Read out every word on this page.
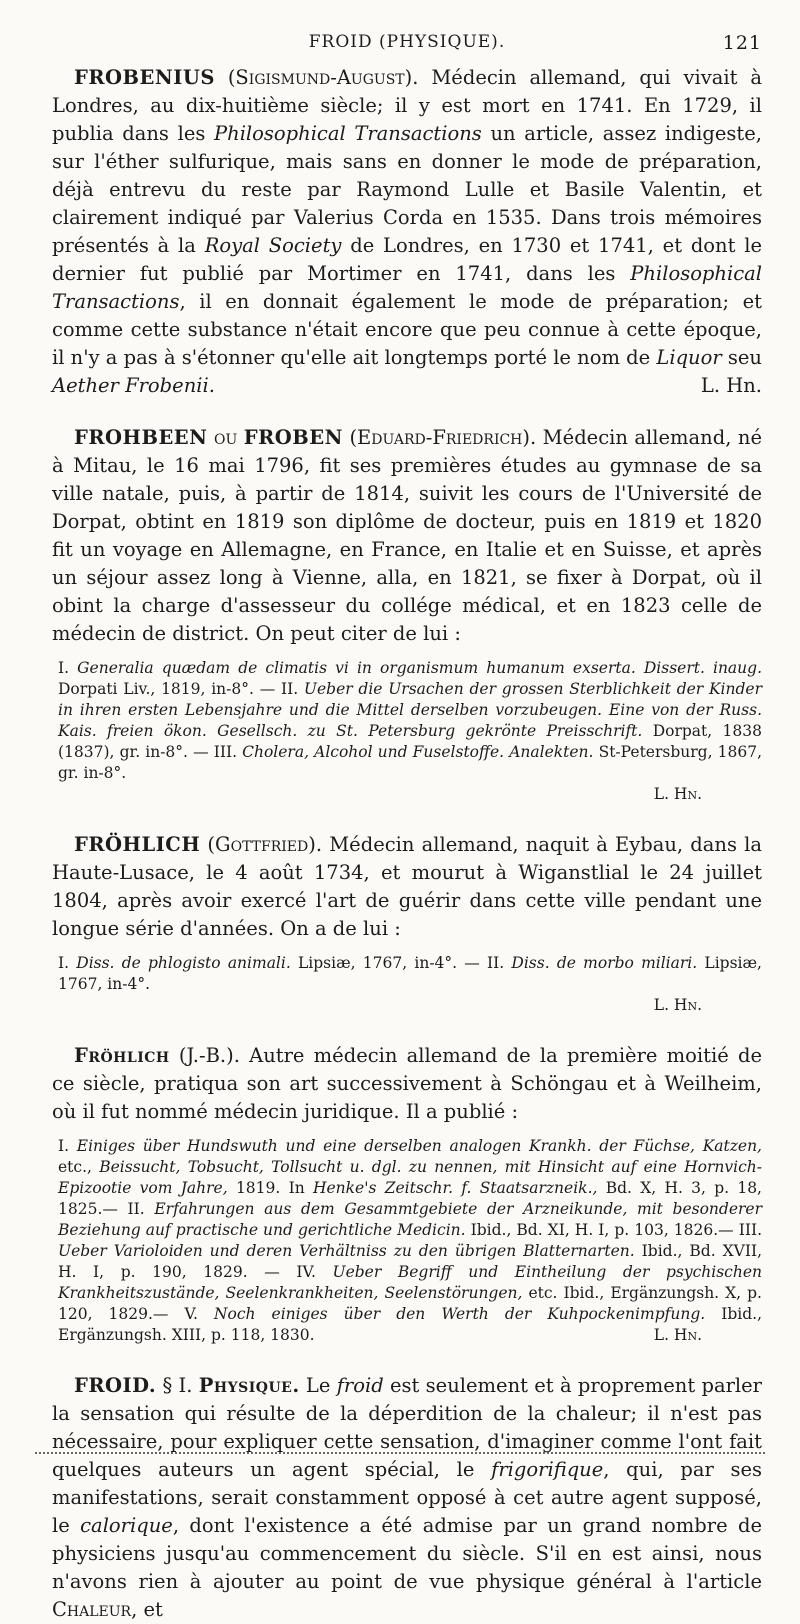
FROID (PHYSIQUE).	121

FROBENIUS (Sigismund-August). Médecin allemand, qui vivait à Londres, au dix-huitième siècle; il y est mort en 1741. En 1729, il publia dans les Philosophical Transactions un article, assez indigeste, sur l'éther sulfurique, mais sans en donner le mode de préparation, déjà entrevu du reste par Raymond Lulle et Basile Valentin, et clairement indiqué par Valerius Corda en 1535. Dans trois mémoires présentés à la Royal Society de Londres, en 1730 et 1741, et dont le dernier fut publié par Mortimer en 1741, dans les Philosophical Transactions, il en donnait également le mode de préparation; et comme cette substance n'était encore que peu connue à cette époque, il n'y a pas à s'étonner qu'elle ait longtemps porté le nom de Liquor seu Aether Frobenii.	L. Hn.

FROHBEEN ou FROBEN (Eduard-Friedrich). Médecin allemand, né à Mitau, le 16 mai 1796, fit ses premières études au gymnase de sa ville natale, puis, à partir de 1814, suivit les cours de l'Université de Dorpat, obtint en 1819 son diplôme de docteur, puis en 1819 et 1820 fit un voyage en Allemagne, en France, en Italie et en Suisse, et après un séjour assez long à Vienne, alla, en 1821, se fixer à Dorpat, où il obint la charge d'assesseur du collége médical, et en 1823 celle de médecin de district. On peut citer de lui :

I. Generalia quædam de climatis vi in organismum humanum exserta. Dissert. inaug. Dorpati Liv., 1819, in-8°. — II. Ueber die Ursachen der grossen Sterblichkeit der Kinder in ihren ersten Lebensjahre und die Mittel derselben vorzubeugen. Eine von der Russ. Kais. freien ökon. Gesellsch. zu St. Petersburg gekrönte Preisschrift. Dorpat, 1838 (1837), gr. in-8°. — III. Cholera, Alcohol und Fuselstoffe. Analekten. St-Petersburg, 1867, gr. in-8°.
L. Hn.

FRÖHLICH (Gottfried). Médecin allemand, naquit à Eybau, dans la Haute-Lusace, le 4 août 1734, et mourut à Wiganstlial le 24 juillet 1804, après avoir exercé l'art de guérir dans cette ville pendant une longue série d'années. On a de lui :

I. Diss. de phlogisto animali. Lipsiæ, 1767, in-4°. — II. Diss. de morbo miliari. Lipsiæ, 1767, in-4°.
L. Hn.

Fröhlich (J.-B.). Autre médecin allemand de la première moitié de ce siècle, pratiqua son art successivement à Schöngau et à Weilheim, où il fut nommé médecin juridique. Il a publié :

I. Einiges über Hundswuth und eine derselben analogen Krankh. der Füchse, Katzen, etc., Beissucht, Tobsucht, Tollsucht u. dgl. zu nennen, mit Hinsicht auf eine Hornvich-Epizootie vom Jahre, 1819. In Henke's Zeitschr. f. Staatsarzneik., Bd. X, H. 3, p. 18, 1825.— II. Erfahrungen aus dem Gesammtgebiete der Arzneikunde, mit besonderer Beziehung auf practische und gerichtliche Medicin. Ibid., Bd. XI, H. I, p. 103, 1826.— III. Ueber Varioloiden und deren Verhältniss zu den übrigen Blatternarten. Ibid., Bd. XVII, H. I, p. 190, 1829. — IV. Ueber Begriff und Eintheilung der psychischen Krankheitszustände, Seelenkrankheiten, Seelenstörungen, etc. Ibid., Ergänzungsh. X, p. 120, 1829.— V. Noch einiges über den Werth der Kuhpockenimpfung. Ibid., Ergänzungsh. XIII, p. 118, 1830.	L. Hn.

FROID. § I. Physique. Le froid est seulement et à proprement parler la sensation qui résulte de la déperdition de la chaleur; il n'est pas nécessaire, pour expliquer cette sensation, d'imaginer comme l'ont fait quelques auteurs un agent spécial, le frigorifique, qui, par ses manifestations, serait constamment opposé à cet autre agent supposé, le calorique, dont l'existence a été admise par un grand nombre de physiciens jusqu'au commencement du siècle. S'il en est ainsi, nous n'avons rien à ajouter au point de vue physique général à l'article Chaleur, et
